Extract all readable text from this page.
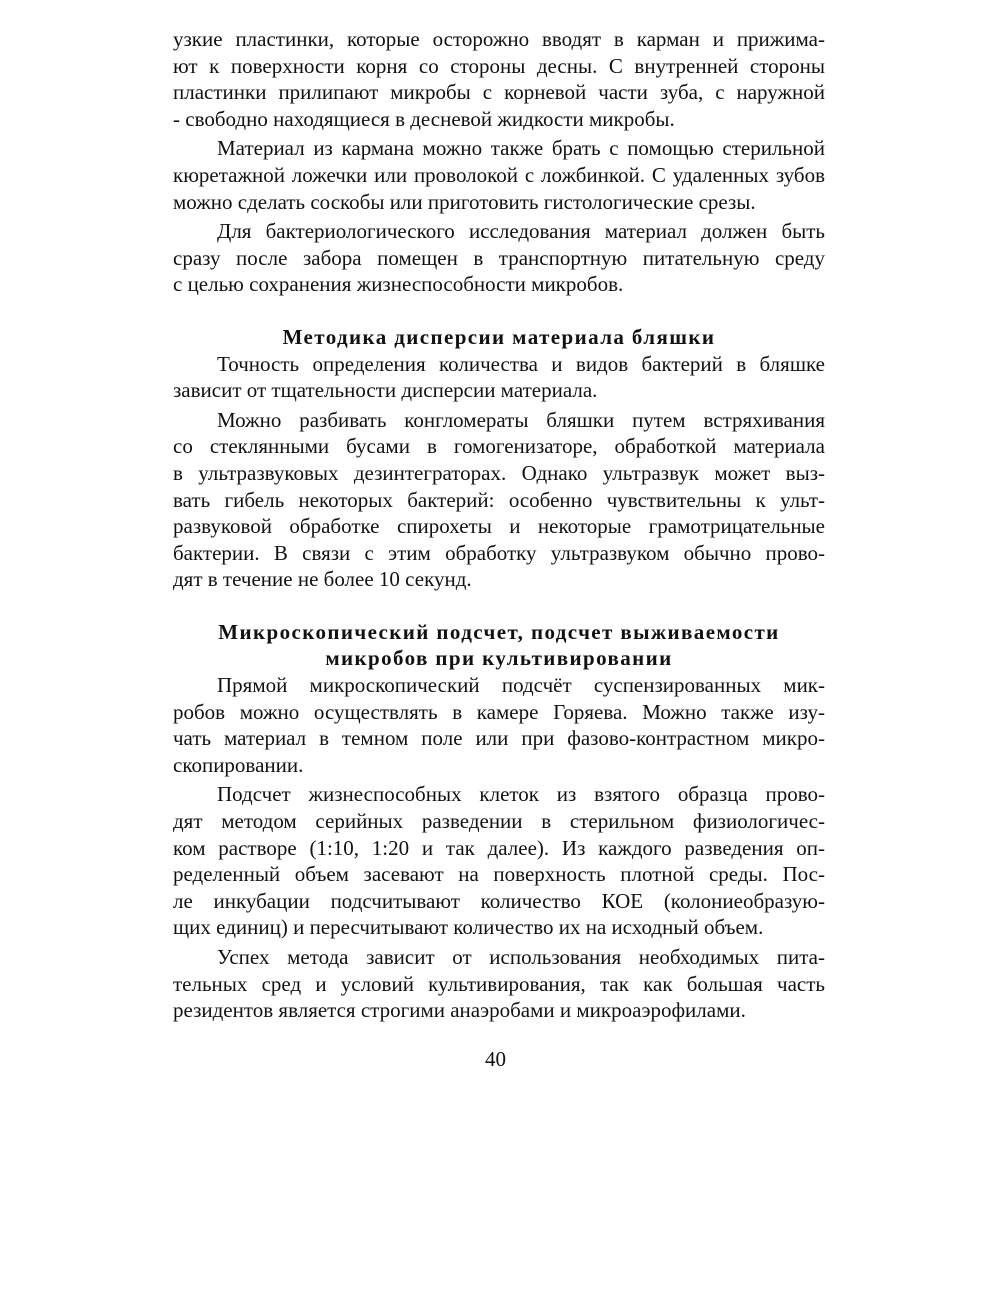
узкие пластинки, которые осторожно вводят в карман и прижима-
ют к поверхности корня со стороны десны. С внутренней стороны
пластинки прилипают микробы с корневой части зуба, с наружной
- свободно находящиеся в десневой жидкости микробы.
Материал из кармана можно также брать с помощью стерильной
кюретажной ложечки или проволокой с ложбинкой. С удаленных зубов
можно сделать соскобы или приготовить гистологические срезы.
Для бактериологического исследования материал должен быть
сразу после забора помещен в транспортную питательную среду
с целью сохранения жизнеспособности микробов.
Методика дисперсии материала бляшки
Точность определения количества и видов бактерий в бляшке
зависит от тщательности дисперсии материала.
Можно разбивать конгломераты бляшки путем встряхивания
со стеклянными бусами в гомогенизаторе, обработкой материала
в ультразвуковых дезинтеграторах. Однако ультразвук может выз-
вать гибель некоторых бактерий: особенно чувствительны к ульт-
развуковой обработке спирохеты и некоторые грамотрицательные
бактерии. В связи с этим обработку ультразвуком обычно прово-
дят в течение не более 10 секунд.
Микроскопический подсчет, подсчет выживаемости
микробов при культивировании
Прямой микроскопический подсчёт суспензированных мик-
робов можно осуществлять в камере Горяева. Можно также изу-
чать материал в темном поле или при фазово-контрастном микро-
скопировании.
Подсчет жизнеспособных клеток из взятого образца прово-
дят методом серийных разведении в стерильном физиологичес-
ком растворе (1:10, 1:20 и так далее). Из каждого разведения оп-
ределенный объем засевают на поверхность плотной среды. Пос-
ле инкубации подсчитывают количество КОЕ (колониеобразую-
щих единиц) и пересчитывают количество их на исходный объем.
Успех метода зависит от использования необходимых пита-
тельных сред и условий культивирования, так как большая часть
резидентов является строгими анаэробами и микроаэрофилами.
40
